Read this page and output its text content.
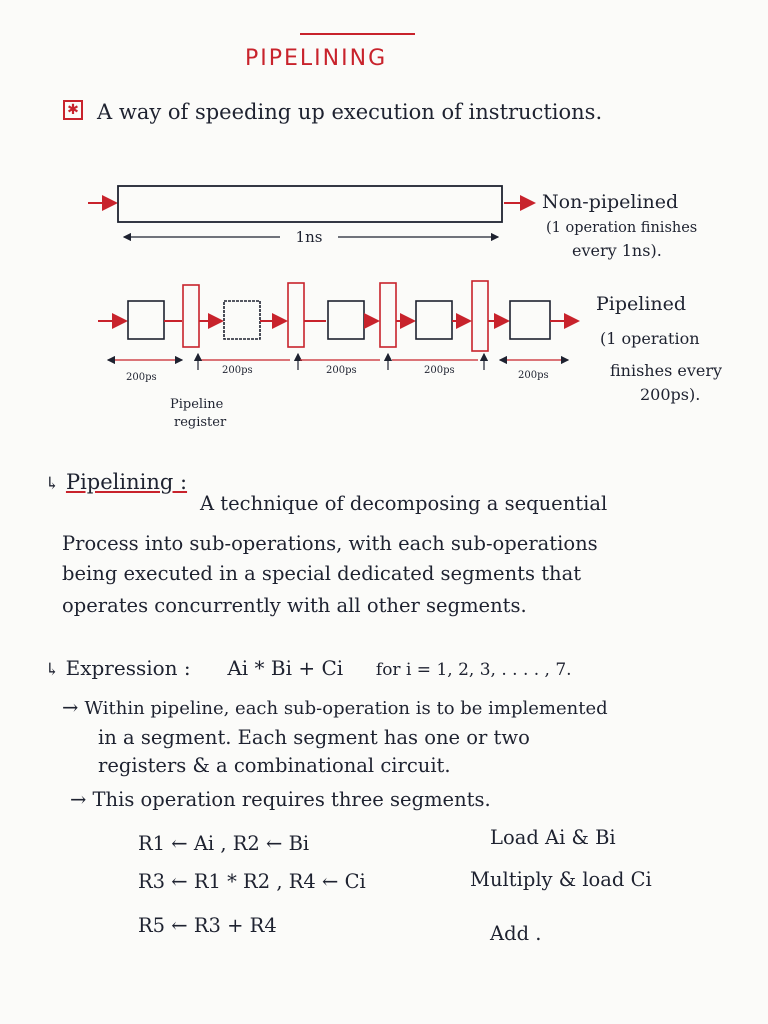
PIPELINING
✱ A way of speeding up execution of instructions.
1ns
Non-pipelined
(1 operation finishes
every 1ns).
Pipelined
(1 operation
finishes every
200ps).
200ps
200ps	200ps	200ps	200ps
Pipeline
register
↳ Pipelining :
A technique of decomposing a sequential
Process into sub-operations, with each sub-operations
being executed in a special dedicated segments that
operates concurrently with all other segments.
↳ Expression : Ai * Bi + Ci for i = 1, 2, 3, . . . . , 7.
→ Within pipeline, each sub-operation is to be implemented
in a segment. Each segment has one or two
registers & a combinational circuit.
→ This operation requires three segments.
R1 ← Ai , R2 ← Bi	Load Ai & Bi
R3 ← R1 * R2 , R4 ← Ci	Multiply & load Ci
R5 ← R3 + R4	Add .
